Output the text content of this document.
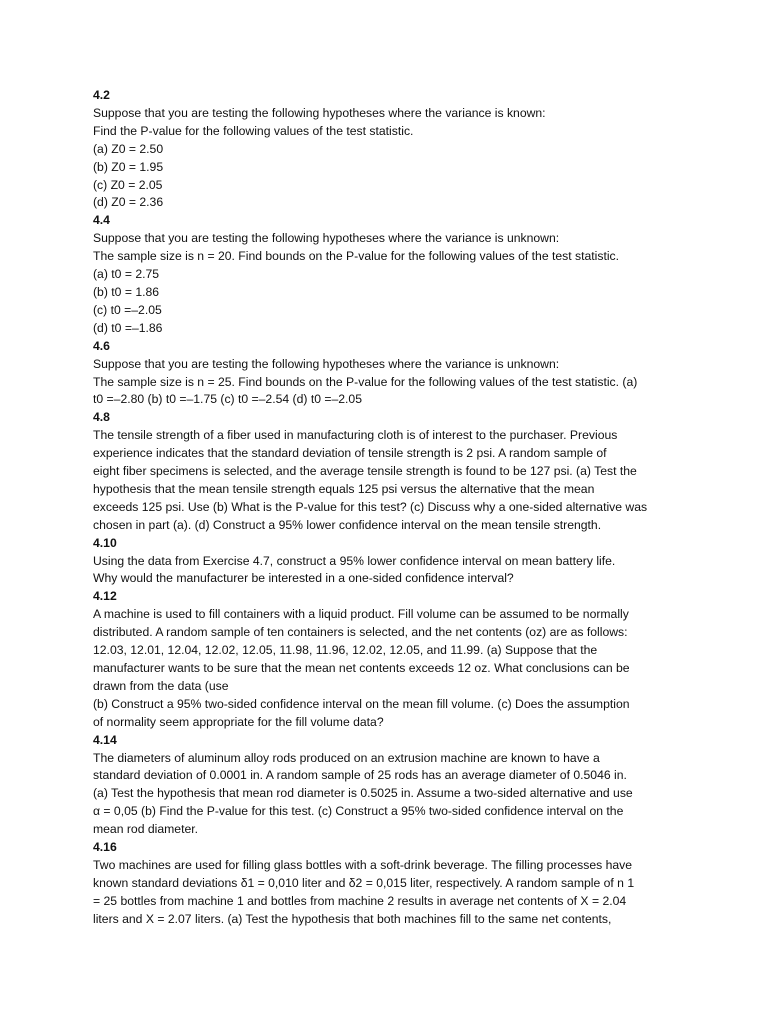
4.2
Suppose that you are testing the following hypotheses where the variance is known:
Find the P-value for the following values of the test statistic.
(a) Z0 = 2.50
(b) Z0 = 1.95
(c) Z0 = 2.05
(d) Z0 = 2.36
4.4
Suppose that you are testing the following hypotheses where the variance is unknown:
The sample size is n = 20. Find bounds on the P-value for the following values of the test statistic.
(a) t0 = 2.75
(b) t0 = 1.86
(c) t0 =–2.05
(d) t0 =–1.86
4.6
Suppose that you are testing the following hypotheses where the variance is unknown:
The sample size is n = 25. Find bounds on the P-value for the following values of the test statistic. (a)
t0 =–2.80 (b) t0 =–1.75 (c) t0 =–2.54 (d) t0 =–2.05
4.8
The tensile strength of a fiber used in manufacturing cloth is of interest to the purchaser. Previous
experience indicates that the standard deviation of tensile strength is 2 psi. A random sample of
eight fiber specimens is selected, and the average tensile strength is found to be 127 psi. (a) Test the
hypothesis that the mean tensile strength equals 125 psi versus the alternative that the mean
exceeds 125 psi. Use (b) What is the P-value for this test? (c) Discuss why a one-sided alternative was
chosen in part (a). (d) Construct a 95% lower confidence interval on the mean tensile strength.
4.10
Using the data from Exercise 4.7, construct a 95% lower confidence interval on mean battery life.
Why would the manufacturer be interested in a one-sided confidence interval?
4.12
A machine is used to fill containers with a liquid product. Fill volume can be assumed to be normally
distributed. A random sample of ten containers is selected, and the net contents (oz) are as follows:
12.03, 12.01, 12.04, 12.02, 12.05, 11.98, 11.96, 12.02, 12.05, and 11.99. (a) Suppose that the
manufacturer wants to be sure that the mean net contents exceeds 12 oz. What conclusions can be
drawn from the data (use
(b) Construct a 95% two-sided confidence interval on the mean fill volume. (c) Does the assumption
of normality seem appropriate for the fill volume data?
4.14
The diameters of aluminum alloy rods produced on an extrusion machine are known to have a
standard deviation of 0.0001 in. A random sample of 25 rods has an average diameter of 0.5046 in.
(a) Test the hypothesis that mean rod diameter is 0.5025 in. Assume a two-sided alternative and use
α = 0,05 (b) Find the P-value for this test. (c) Construct a 95% two-sided confidence interval on the
mean rod diameter.
4.16
Two machines are used for filling glass bottles with a soft-drink beverage. The filling processes have
known standard deviations δ1 = 0,010 liter and δ2 = 0,015 liter, respectively. A random sample of n 1
= 25 bottles from machine 1 and bottles from machine 2 results in average net contents of X = 2.04
liters and X = 2.07 liters. (a) Test the hypothesis that both machines fill to the same net contents,
